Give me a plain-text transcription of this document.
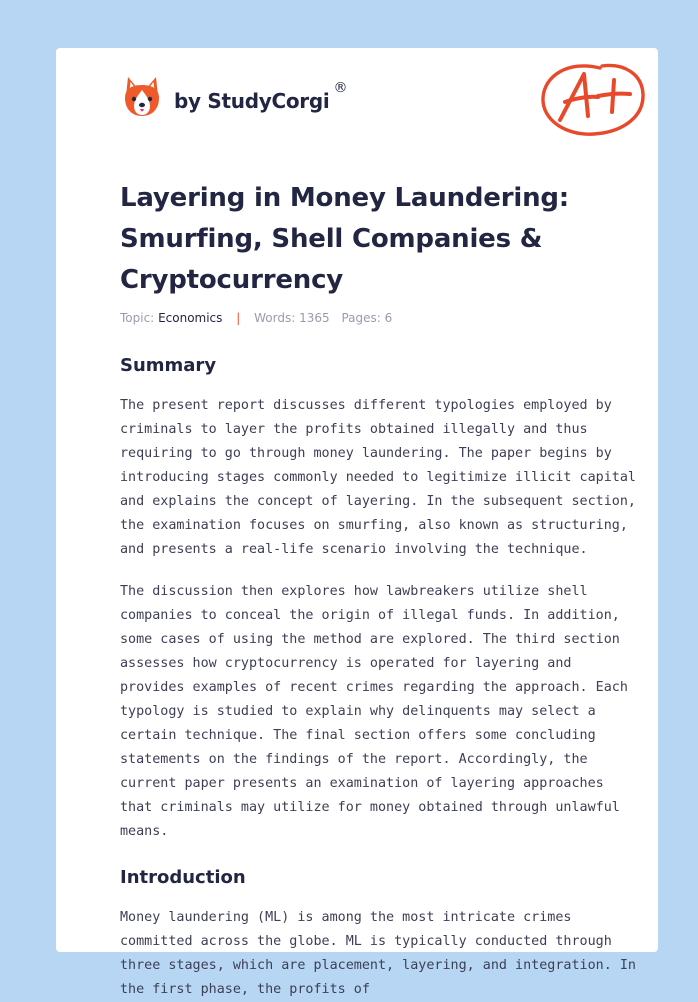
by StudyCorgi
®
Layering in Money Laundering: Smurfing, Shell Companies & Cryptocurrency
Topic: Economics | Words: 1365 Pages: 6
Summary

The present report discusses different typologies employed by criminals to layer the profits obtained illegally and thus requiring to go through money laundering. The paper begins by introducing stages commonly needed to legitimize illicit capital and explains the concept of layering. In the subsequent section, the examination focuses on smurfing, also known as structuring, and presents a real-life scenario involving the technique.

The discussion then explores how lawbreakers utilize shell companies to conceal the origin of illegal funds. In addition, some cases of using the method are explored. The third section assesses how cryptocurrency is operated for layering and provides examples of recent crimes regarding the approach. Each typology is studied to explain why delinquents may select a certain technique. The final section offers some concluding statements on the findings of the report. Accordingly, the current paper presents an examination of layering approaches that criminals may utilize for money obtained through unlawful means.

Introduction

Money laundering (ML) is among the most intricate crimes committed across the globe. ML is typically conducted through three stages, which are placement, layering, and integration. In the first phase, the profits of
